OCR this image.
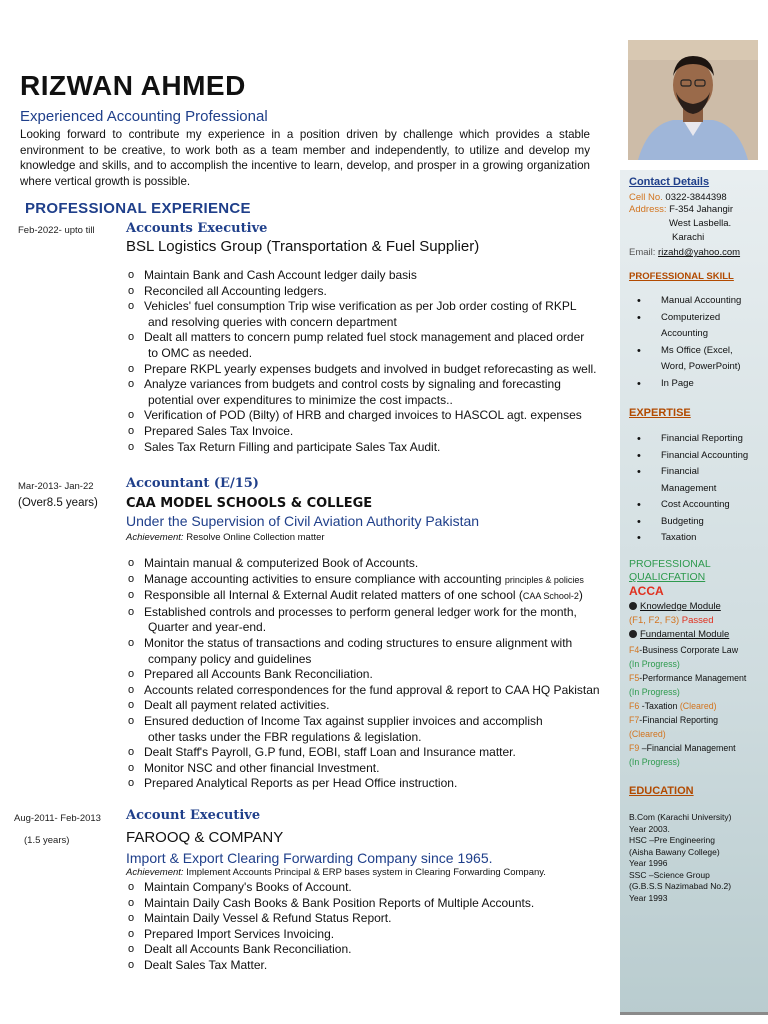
RIZWAN AHMED
Experienced Accounting Professional
Looking forward to contribute my experience in a position driven by challenge which provides a stable environment to be creative, to work both as a team member and independently, to utilize and develop my knowledge and skills, and to accomplish the incentive to learn, develop, and prosper in a growing organization where vertical growth is possible.
PROFESSIONAL EXPERIENCE
Feb-2022- upto till Accounts Executive
BSL Logistics Group (Transportation & Fuel Supplier)
o Maintain Bank and Cash Account ledger daily basis
o Reconciled all Accounting ledgers.
o Vehicles' fuel consumption Trip wise verification as per Job order costing of RKPL
and resolving queries with concern department
o Dealt all matters to concern pump related fuel stock management and placed order
to OMC as needed.
o Prepare RKPL yearly expenses budgets and involved in budget reforecasting as well.
o Analyze variances from budgets and control costs by signaling and forecasting
potential over expenditures to minimize the cost impacts..
o Verification of POD (Bilty) of HRB and charged invoices to HASCOL agt. expenses
o Prepared Sales Tax Invoice.
o Sales Tax Return Filling and participate Sales Tax Audit.
Mar-2013- Jan-22
(Over8.5 years)
Accountant (E/15)
CAA MODEL SCHOOLS & COLLEGE
Under the Supervision of Civil Aviation Authority Pakistan
Achievement: Resolve Online Collection matter
o Maintain manual & computerized Book of Accounts.
o Manage accounting activities to ensure compliance with accounting principles & policies
o Responsible all Internal & External Audit related matters of one school (CAA School-2)
o Established controls and processes to perform general ledger work for the month,
Quarter and year-end.
o Monitor the status of transactions and coding structures to ensure alignment with
company policy and guidelines
o Prepared all Accounts Bank Reconciliation.
o Accounts related correspondences for the fund approval & report to CAA HQ Pakistan
o Dealt all payment related activities.
o Ensured deduction of Income Tax against supplier invoices and accomplish
other tasks under the FBR regulations & legislation.
o Dealt Staff's Payroll, G.P fund, EOBI, staff Loan and Insurance matter.
o Monitor NSC and other financial Investment.
o Prepared Analytical Reports as per Head Office instruction.
Aug-2011- Feb-2013
(1.5 years)
Account Executive
FAROOQ & COMPANY
Import & Export Clearing Forwarding Company since 1965.
Achievement: Implement Accounts Principal & ERP bases system in Clearing Forwarding Company.
o Maintain Company's Books of Account.
o Maintain Daily Cash Books & Bank Position Reports of Multiple Accounts.
o Maintain Daily Vessel & Refund Status Report.
o Prepared Import Services Invoicing.
o Dealt all Accounts Bank Reconciliation.
o Dealt Sales Tax Matter.
Contact Details
Cell No. 0322-3844398
Address: F-354 Jahangir
West Lasbella.
Karachi
Email: rizahd@yahoo.com
PROFESSIONAL SKILL
• Manual Accounting
• Computerized
Accounting
• Ms Office (Excel,
Word, PowerPoint)
• In Page
EXPERTISE
• Financial Reporting
• Financial Accounting
• Financial
Management
• Cost Accounting
• Budgeting
• Taxation
PROFESSIONAL
QUALICFATION
ACCA
Knowledge Module
(F1, F2, F3) Passed
Fundamental Module
F4-Business Corporate Law
(In Progress)
F5-Performance Management
(In Progress)
F6 -Taxation (Cleared)
F7-Financial Reporting
(Cleared)
F9 –Financial Management
(In Progress)
EDUCATION
B.Com (Karachi University)
Year 2003.
HSC –Pre Engineering
(Aisha Bawany College)
Year 1996
SSC –Science Group
(G.B.S.S Nazimabad No.2)
Year 1993
